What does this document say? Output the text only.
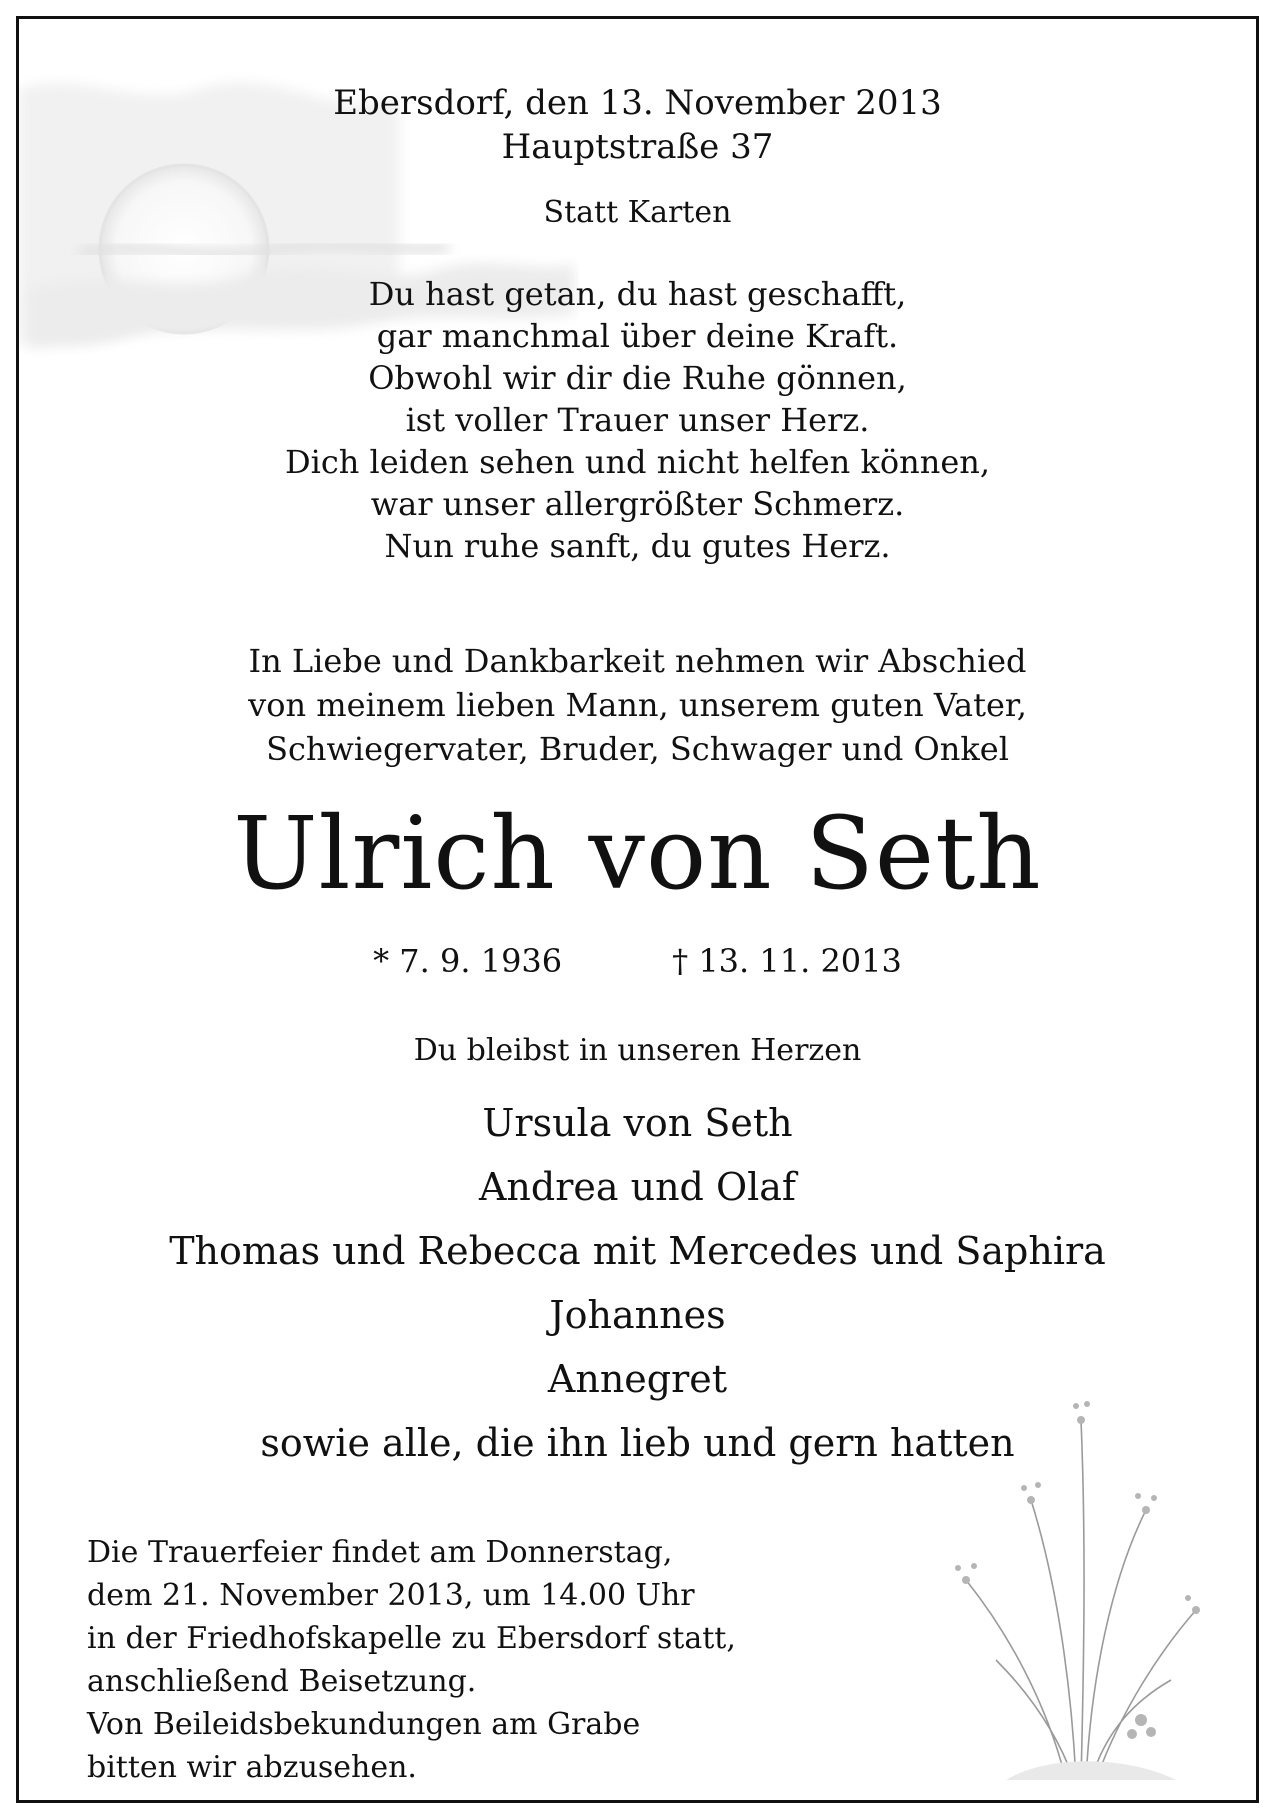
Ebersdorf, den 13. November 2013
Hauptstraße 37
Statt Karten
Du hast getan, du hast geschafft,
gar manchmal über deine Kraft.
Obwohl wir dir die Ruhe gönnen,
ist voller Trauer unser Herz.
Dich leiden sehen und nicht helfen können,
war unser allergrößter Schmerz.
Nun ruhe sanft, du gutes Herz.
In Liebe und Dankbarkeit nehmen wir Abschied
von meinem lieben Mann, unserem guten Vater,
Schwiegervater, Bruder, Schwager und Onkel
Ulrich von Seth
* 7. 9. 1936	† 13. 11. 2013
Du bleibst in unseren Herzen
Ursula von Seth
Andrea und Olaf
Thomas und Rebecca mit Mercedes und Saphira
Johannes
Annegret
sowie alle, die ihn lieb und gern hatten
Die Trauerfeier findet am Donnerstag,
dem 21. November 2013, um 14.00 Uhr
in der Friedhofskapelle zu Ebersdorf statt,
anschließend Beisetzung.
Von Beileidsbekundungen am Grabe
bitten wir abzusehen.
